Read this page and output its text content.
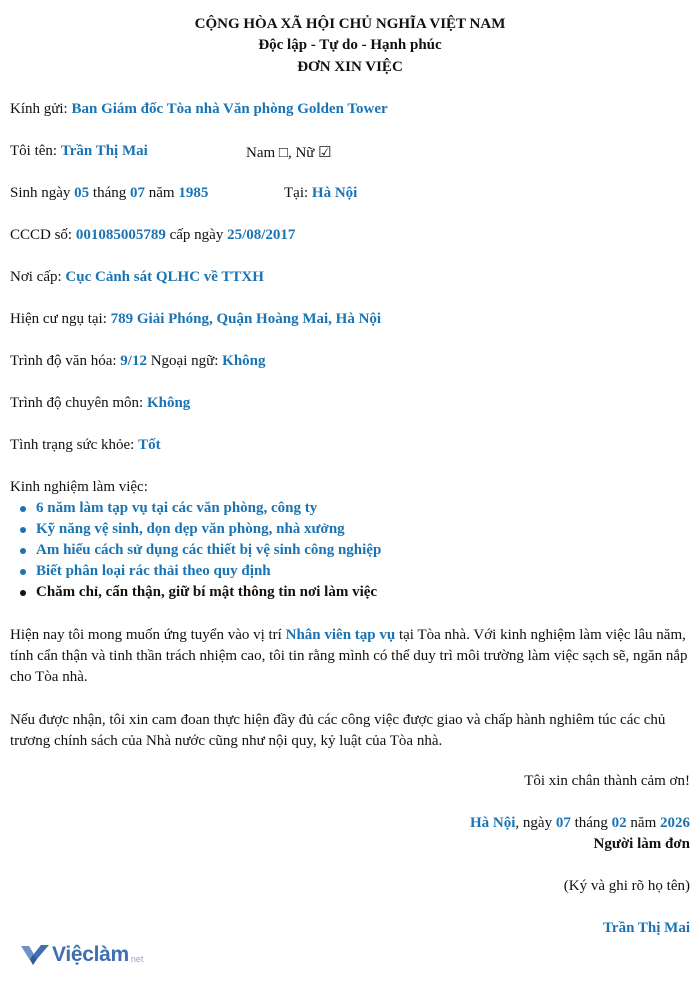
CỘNG HÒA XÃ HỘI CHỦ NGHĨA VIỆT NAM
Độc lập - Tự do - Hạnh phúc
ĐƠN XIN VIỆC
Kính gửi: Ban Giám đốc Tòa nhà Văn phòng Golden Tower
Tôi tên: Trần Thị Mai	Nam □, Nữ ☑
Sinh ngày 05 tháng 07 năm 1985	Tại: Hà Nội
CCCD số: 001085005789 cấp ngày 25/08/2017
Nơi cấp: Cục Cảnh sát QLHC về TTXH
Hiện cư ngụ tại: 789 Giải Phóng, Quận Hoàng Mai, Hà Nội
Trình độ văn hóa: 9/12 Ngoại ngữ: Không
Trình độ chuyên môn: Không
Tình trạng sức khỏe: Tốt
Kinh nghiệm làm việc:
6 năm làm tạp vụ tại các văn phòng, công ty
Kỹ năng vệ sinh, dọn dẹp văn phòng, nhà xưởng
Am hiểu cách sử dụng các thiết bị vệ sinh công nghiệp
Biết phân loại rác thải theo quy định
Chăm chỉ, cẩn thận, giữ bí mật thông tin nơi làm việc
Hiện nay tôi mong muốn ứng tuyển vào vị trí Nhân viên tạp vụ tại Tòa nhà. Với kinh nghiệm làm việc lâu năm, tính cẩn thận và tinh thần trách nhiệm cao, tôi tin rằng mình có thể duy trì môi trường làm việc sạch sẽ, ngăn nắp cho Tòa nhà.
Nếu được nhận, tôi xin cam đoan thực hiện đầy đủ các công việc được giao và chấp hành nghiêm túc các chủ trương chính sách của Nhà nước cũng như nội quy, kỷ luật của Tòa nhà.
Tôi xin chân thành cảm ơn!
Hà Nội, ngày 07 tháng 02 năm 2026
Người làm đơn
(Ký và ghi rõ họ tên)
Trần Thị Mai
Việclàm net
